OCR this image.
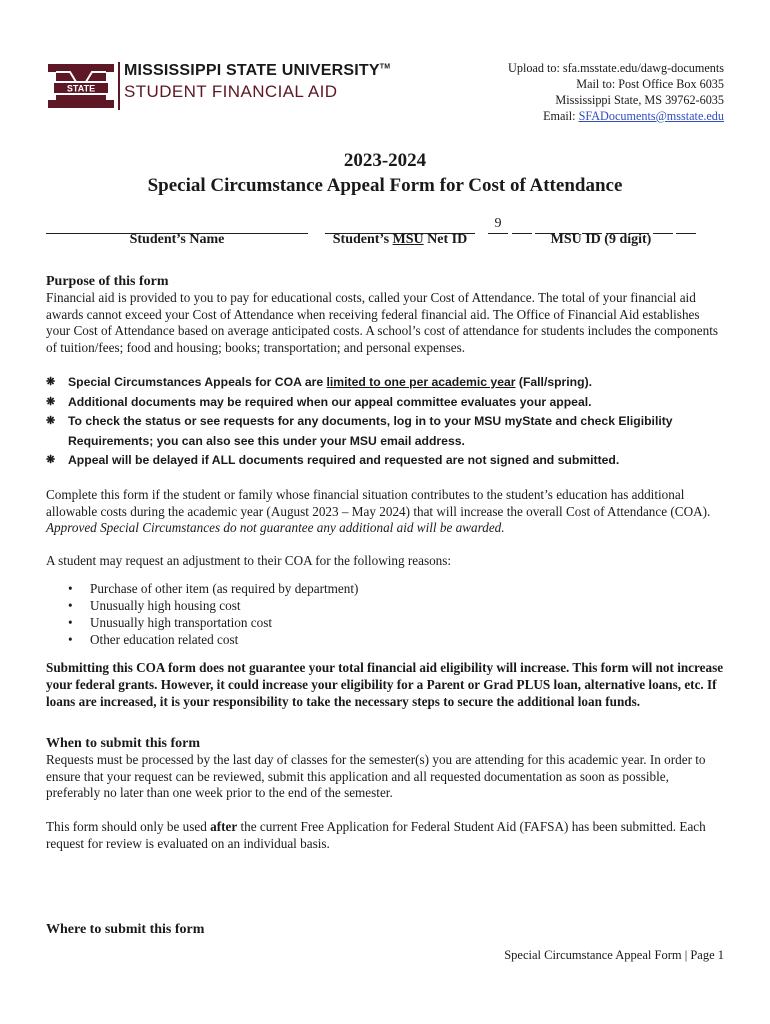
STATE
MISSISSIPPI STATE UNIVERSITY™
STUDENT FINANCIAL AID
Upload to: sfa.msstate.edu/dawg-documents
Mail to: Post Office Box 6035
Mississippi State, MS 39762-6035
Email: SFADocuments@msstate.edu
2023-2024
Special Circumstance Appeal Form for Cost of Attendance
9
Student’s Name	Student’s MSU Net ID	MSU ID (9 digit)
Purpose of this form

Financial aid is provided to you to pay for educational costs, called your Cost of Attendance. The total of your financial aid awards cannot exceed your Cost of Attendance when receiving federal financial aid. The Office of Financial Aid establishes your Cost of Attendance based on average anticipated costs. A school’s cost of attendance for students includes the components of tuition/fees; food and housing; books; transportation; and personal expenses.

❋ Special Circumstances Appeals for COA are limited to one per academic year (Fall/spring).
❋ Additional documents may be required when our appeal committee evaluates your appeal.
❋ To check the status or see requests for any documents, log in to your MSU myState and check Eligibility Requirements; you can also see this under your MSU email address.
❋ Appeal will be delayed if ALL documents required and requested are not signed and submitted.

Complete this form if the student or family whose financial situation contributes to the student’s education has additional allowable costs during the academic year (August 2023 – May 2024) that will increase the overall Cost of Attendance (COA). Approved Special Circumstances do not guarantee any additional aid will be awarded.

A student may request an adjustment to their COA for the following reasons:

• Purchase of other item (as required by department)
• Unusually high housing cost
• Unusually high transportation cost
• Other education related cost

Submitting this COA form does not guarantee your total financial aid eligibility will increase. This form will not increase your federal grants. However, it could increase your eligibility for a Parent or Grad PLUS loan, alternative loans, etc. If loans are increased, it is your responsibility to take the necessary steps to secure the additional loan funds.

When to submit this form

Requests must be processed by the last day of classes for the semester(s) you are attending for this academic year. In order to ensure that your request can be reviewed, submit this application and all requested documentation as soon as possible, preferably no later than one week prior to the end of the semester.

This form should only be used after the current Free Application for Federal Student Aid (FAFSA) has been submitted. Each request for review is evaluated on an individual basis.

Where to submit this form
Special Circumstance Appeal Form | Page 1
